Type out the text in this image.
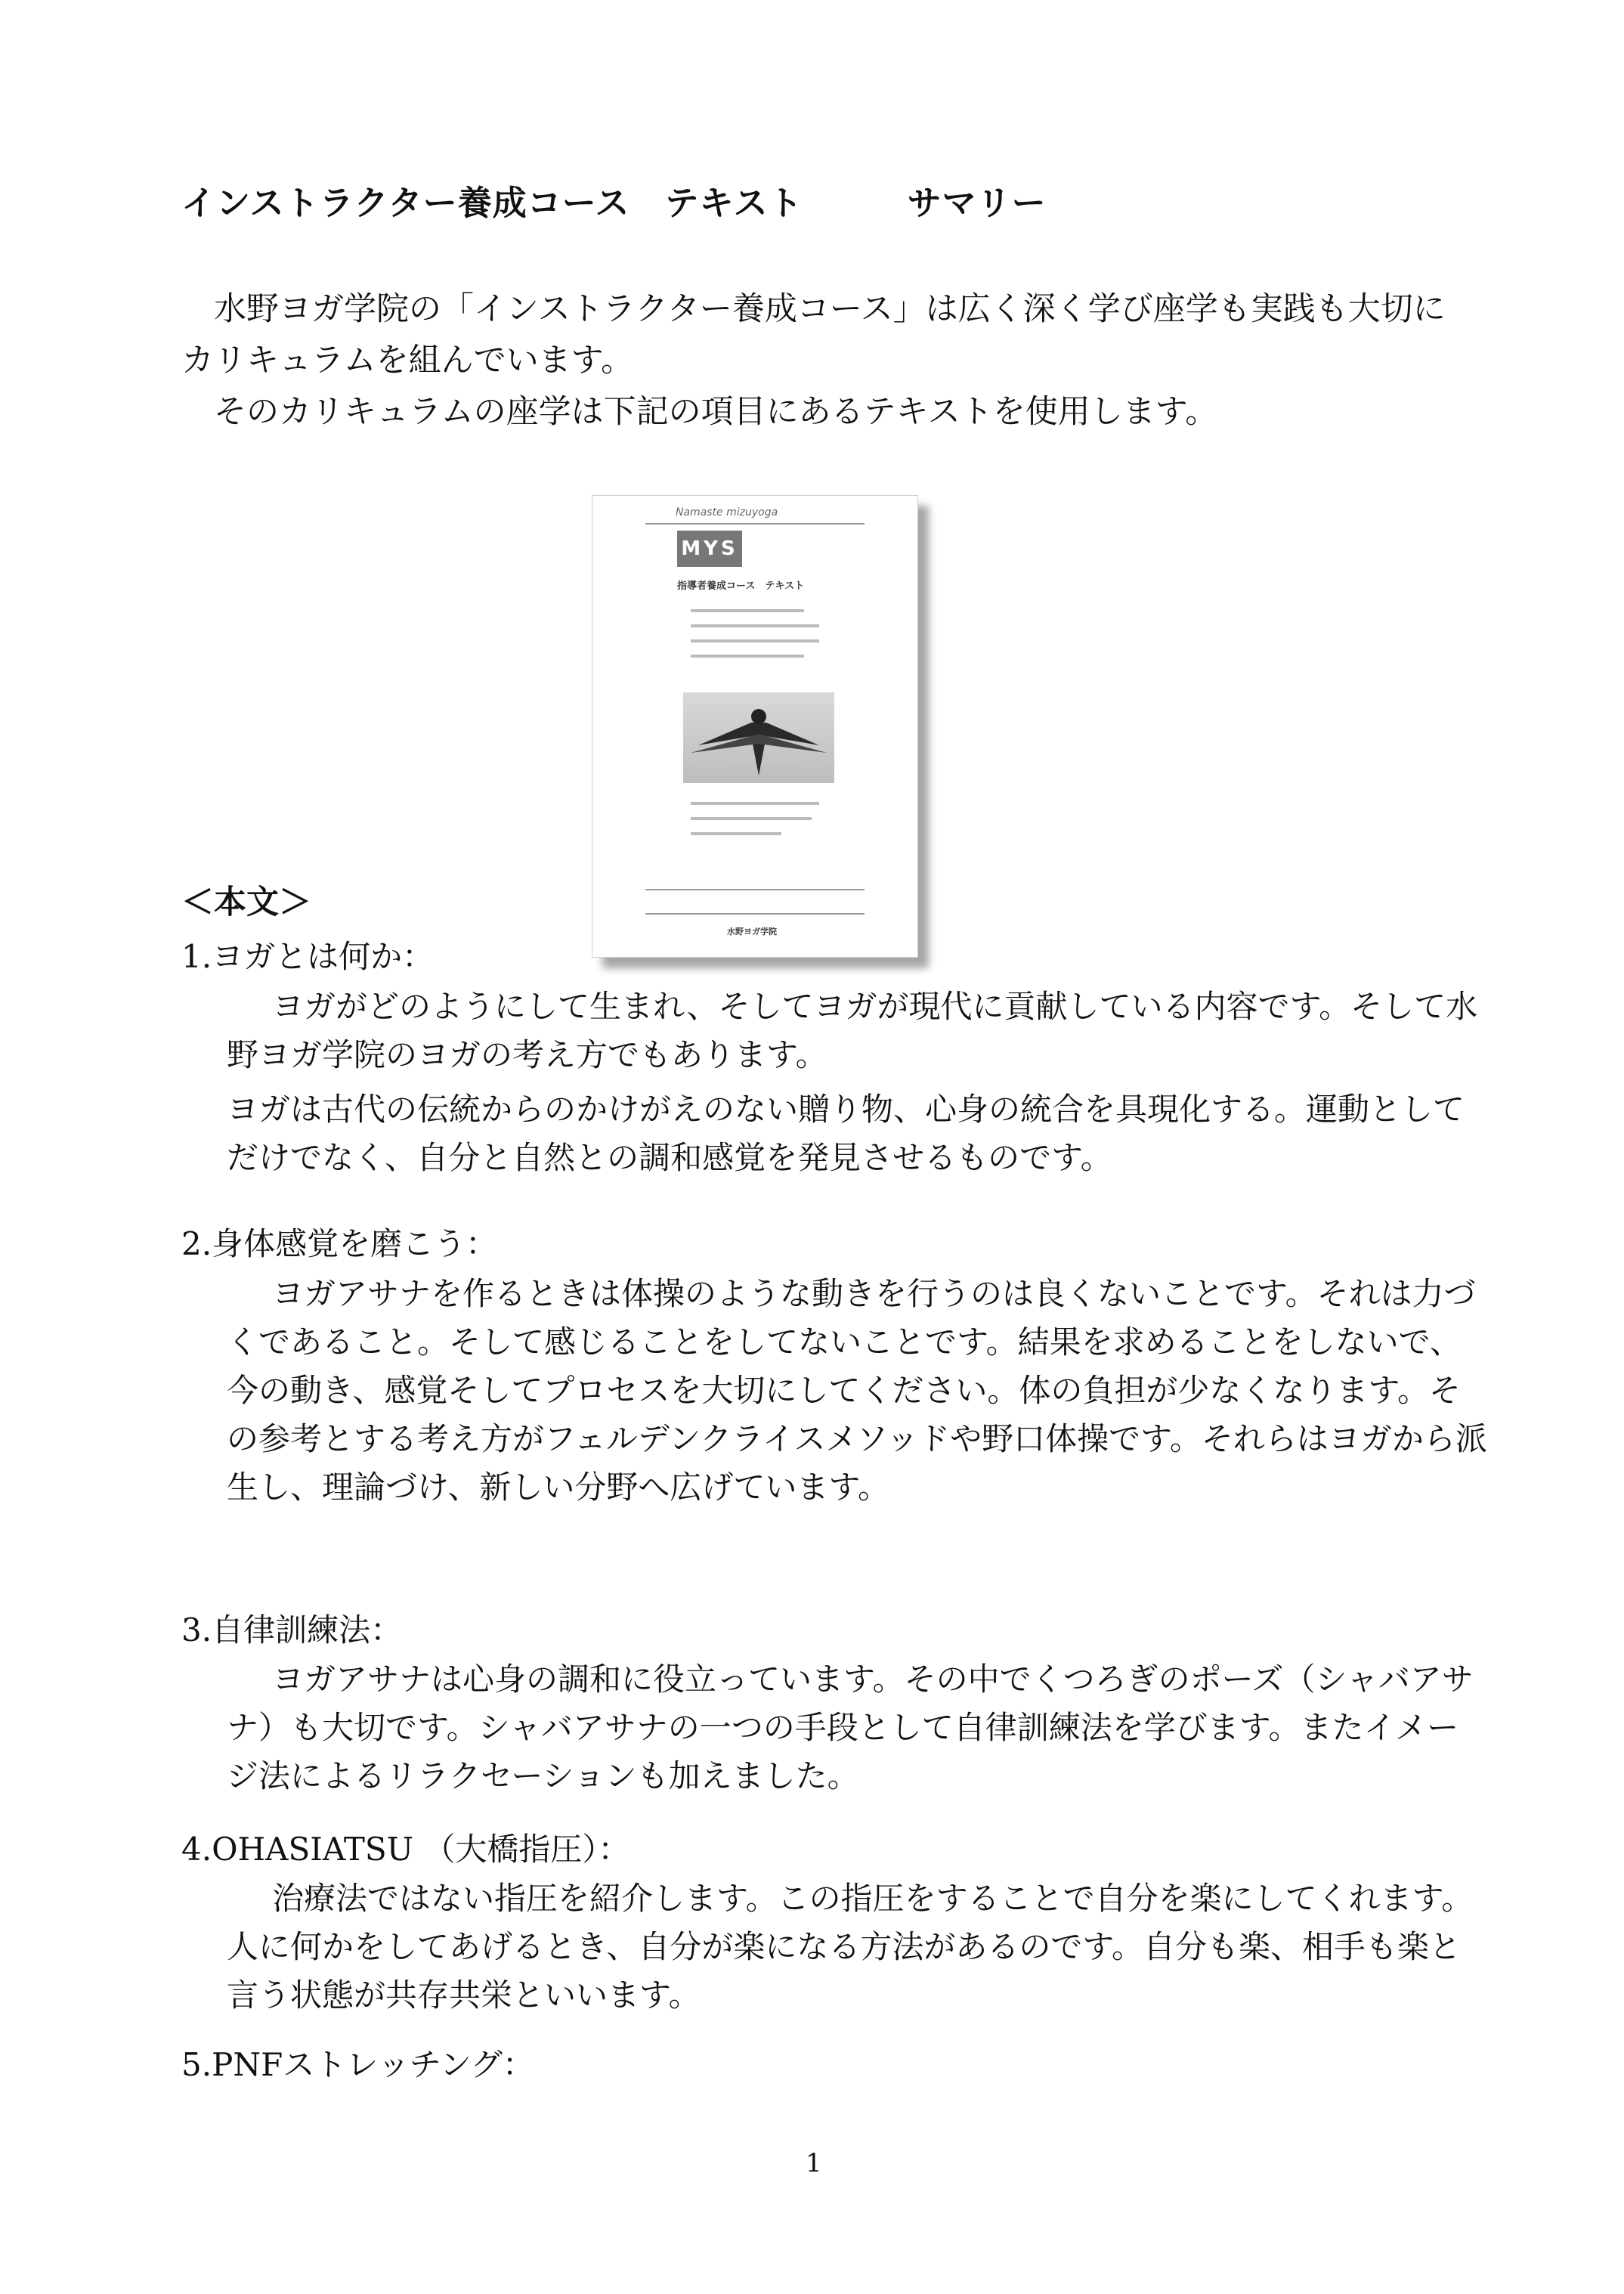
インストラクター養成コース　テキスト　　　サマリー

水野ヨガ学院の「インストラクター養成コース」は広く深く学び座学も実践も大切にカリキュラムを組んでいます。

そのカリキュラムの座学は下記の項目にあるテキストを使用します。

Namaste mizuyoga
MYS
指導者養成コース　テキスト
水野ヨガ学院
＜本文＞
1.ヨガとは何か：

ヨガがどのようにして生まれ、そしてヨガが現代に貢献している内容です。そして水野ヨガ学院のヨガの考え方でもあります。

ヨガは古代の伝統からのかけがえのない贈り物、心身の統合を具現化する。運動としてだけでなく、自分と自然との調和感覚を発見させるものです。

2.身体感覚を磨こう：

ヨガアサナを作るときは体操のような動きを行うのは良くないことです。それは力づくであること。そして感じることをしてないことです。結果を求めることをしないで、今の動き、感覚そしてプロセスを大切にしてください。体の負担が少なくなります。その参考とする考え方がフェルデンクライスメソッドや野口体操です。それらはヨガから派生し、理論づけ、新しい分野へ広げています。

3.自律訓練法：

ヨガアサナは心身の調和に役立っています。その中でくつろぎのポーズ（シャバアサナ）も大切です。シャバアサナの一つの手段として自律訓練法を学びます。またイメージ法によるリラクセーションも加えました。

4.OHASIATSU （大橋指圧）：

治療法ではない指圧を紹介します。この指圧をすることで自分を楽にしてくれます。人に何かをしてあげるとき、自分が楽になる方法があるのです。自分も楽、相手も楽と言う状態が共存共栄といいます。

5.PNFストレッチング：
1
